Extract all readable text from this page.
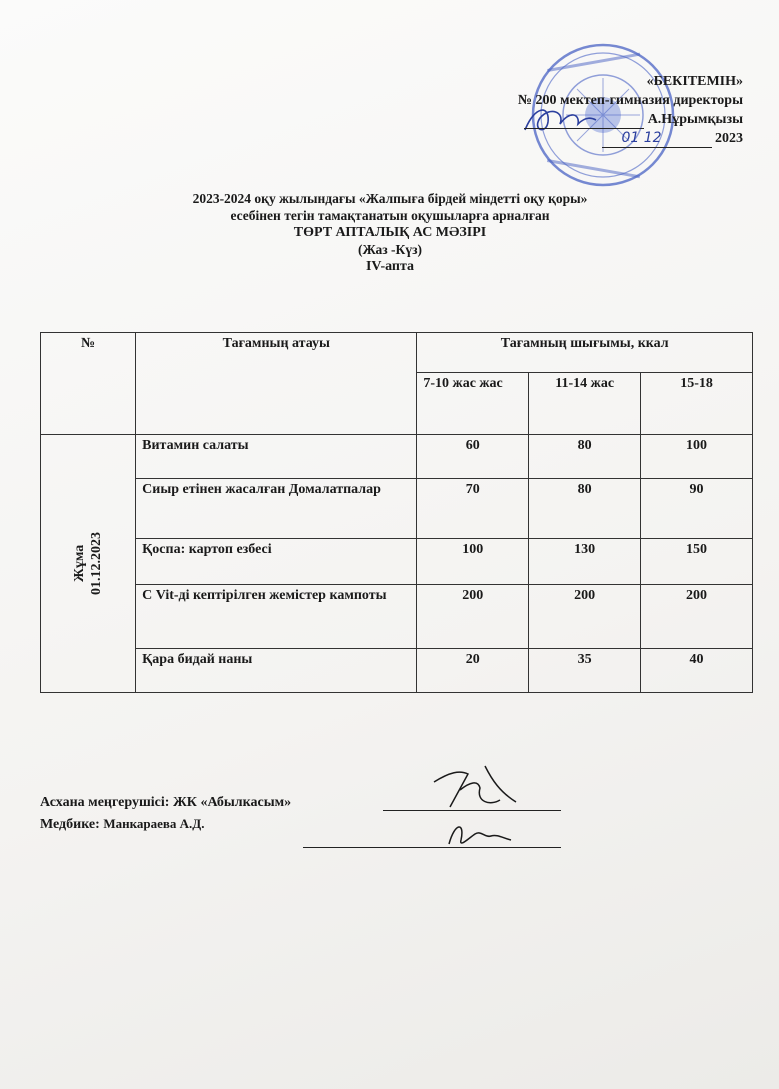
«БЕКІТЕМІН»
№ 200 мектеп-гимназия директоры
А.Нұрымқызы
01 12	2023
2023-2024 оқу жылындағы «Жалпыға бірдей міндетті оқу қоры»
есебінен тегін тамақтанатын оқушыларға арналған
ТӨРТ АПТАЛЫҚ АС МӘЗІРІ
(Жаз -Күз)
IV-апта
№	Тағамның атауы	Тағамның шығымы, ккал		
		7-10 жас жас	11-14 жас	15-18

Жұма 01.12.2023	Витамин салаты	60	80	100
	Сиыр етінен жасалған Домалатпалар	70	80	90
	Қоспа: картоп езбесі	100	130	150
	С Vit-ді кептірілген жемістер кампоты	200	200	200
	Қара бидай наны	20	35	40
Асхана меңгерушісі: ЖК «Абылкасым»
Медбике: Манкараева А.Д.
